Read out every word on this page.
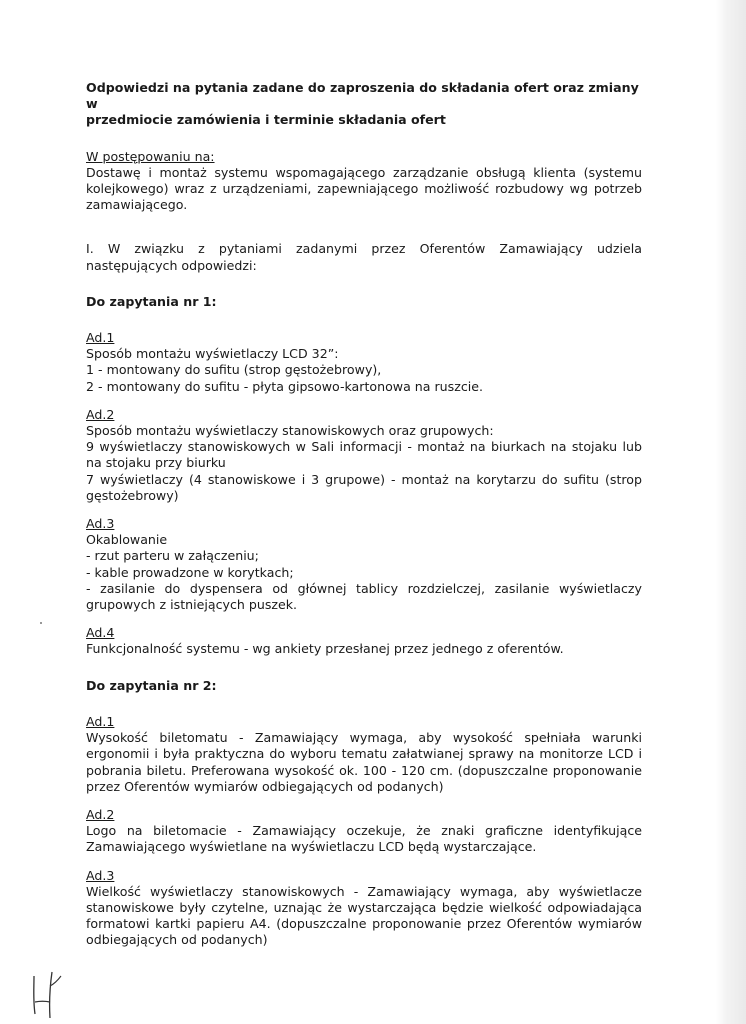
Odpowiedzi na pytania zadane do zaproszenia do składania ofert oraz zmiany w

przedmiocie zamówienia i terminie składania ofert

W postępowaniu na:

Dostawę i montaż systemu wspomagającego zarządzanie obsługą klienta (systemu kolejkowego) wraz z urządzeniami, zapewniającego możliwość rozbudowy wg potrzeb zamawiającego.

I. W związku z pytaniami zadanymi przez Oferentów Zamawiający udziela następujących odpowiedzi:

Do zapytania nr 1:

Ad.1

Sposób montażu wyświetlaczy LCD 32”:

1 - montowany do sufitu (strop gęstożebrowy),

2 - montowany do sufitu - płyta gipsowo-kartonowa na ruszcie.

Ad.2

Sposób montażu wyświetlaczy stanowiskowych oraz grupowych:

9 wyświetlaczy stanowiskowych w Sali informacji - montaż na biurkach na stojaku lub na stojaku przy biurku

7 wyświetlaczy (4 stanowiskowe i 3 grupowe) - montaż na korytarzu do sufitu (strop gęstożebrowy)

Ad.3

Okablowanie

- rzut parteru w załączeniu;

- kable prowadzone w korytkach;

- zasilanie do dyspensera od głównej tablicy rozdzielczej, zasilanie wyświetlaczy grupowych z istniejących puszek.

Ad.4

Funkcjonalność systemu - wg ankiety przesłanej przez jednego z oferentów.

Do zapytania nr 2:

Ad.1

Wysokość biletomatu - Zamawiający wymaga, aby wysokość spełniała warunki ergonomii i była praktyczna do wyboru tematu załatwianej sprawy na monitorze LCD i pobrania biletu. Preferowana wysokość ok. 100 - 120 cm. (dopuszczalne proponowanie przez Oferentów wymiarów odbiegających od podanych)

Ad.2

Logo na biletomacie - Zamawiający oczekuje, że znaki graficzne identyfikujące Zamawiającego wyświetlane na wyświetlaczu LCD będą wystarczające.

Ad.3

Wielkość wyświetlaczy stanowiskowych - Zamawiający wymaga, aby wyświetlacze stanowiskowe były czytelne, uznając że wystarczająca będzie wielkość odpowiadająca formatowi kartki papieru A4. (dopuszczalne proponowanie przez Oferentów wymiarów odbiegających od podanych)
